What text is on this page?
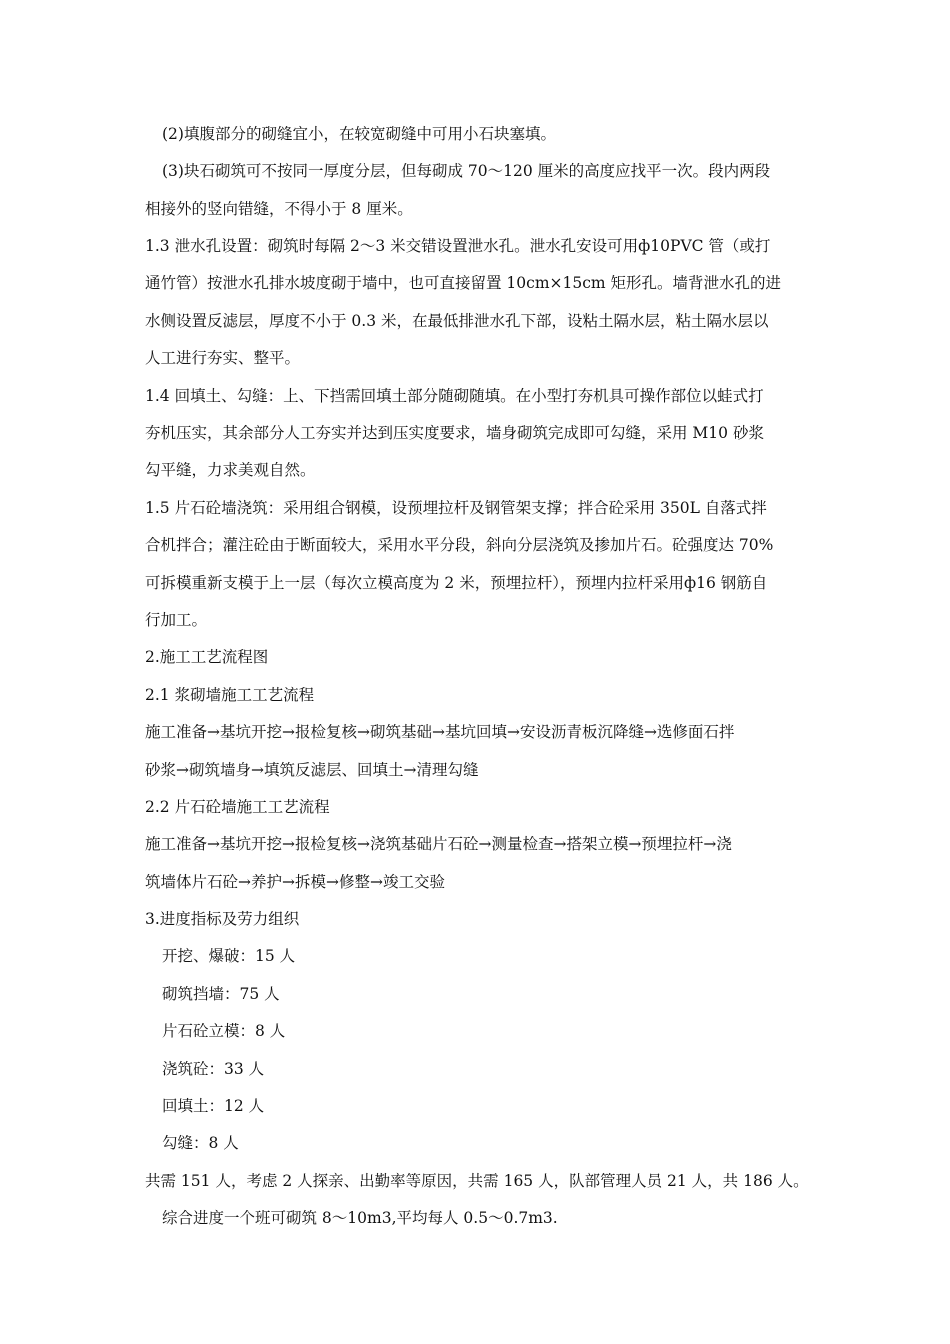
(2)填腹部分的砌缝宜小，在较宽砌缝中可用小石块塞填。
(3)块石砌筑可不按同一厚度分层，但每砌成 70～120 厘米的高度应找平一次。段内两段
相接外的竖向错缝，不得小于 8 厘米。
1.3 泄水孔设置：砌筑时每隔 2～3 米交错设置泄水孔。泄水孔安设可用ф10PVC 管（或打
通竹管）按泄水孔排水坡度砌于墙中，也可直接留置 10cm×15cm 矩形孔。墙背泄水孔的进
水侧设置反滤层，厚度不小于 0.3 米，在最低排泄水孔下部，设粘土隔水层，粘土隔水层以
人工进行夯实、整平。
1.4 回填土、勾缝：上、下挡需回填土部分随砌随填。在小型打夯机具可操作部位以蛙式打
夯机压实，其余部分人工夯实并达到压实度要求，墙身砌筑完成即可勾缝，采用 M10 砂浆
勾平缝，力求美观自然。
1.5 片石砼墙浇筑：采用组合钢模，设预埋拉杆及钢管架支撑；拌合砼采用 350L 自落式拌
合机拌合；灌注砼由于断面较大，采用水平分段，斜向分层浇筑及掺加片石。砼强度达 70%
可拆模重新支模于上一层（每次立模高度为 2 米，预埋拉杆），预埋内拉杆采用ф16 钢筋自
行加工。
2.施工工艺流程图
2.1 浆砌墙施工工艺流程
施工准备→基坑开挖→报检复核→砌筑基础→基坑回填→安设沥青板沉降缝→选修面石拌
砂浆→砌筑墙身→填筑反滤层、回填土→清理勾缝
2.2 片石砼墙施工工艺流程
施工准备→基坑开挖→报检复核→浇筑基础片石砼→测量检查→搭架立模→预埋拉杆→浇
筑墙体片石砼→养护→拆模→修整→竣工交验
3.进度指标及劳力组织
开挖、爆破：15 人
砌筑挡墙：75 人
片石砼立模：8 人
浇筑砼：33 人
回填土：12 人
勾缝：8 人
共需 151 人，考虑 2 人探亲、出勤率等原因，共需 165 人，队部管理人员 21 人，共 186 人。
综合进度一个班可砌筑 8～10m3,平均每人 0.5～0.7m3.
